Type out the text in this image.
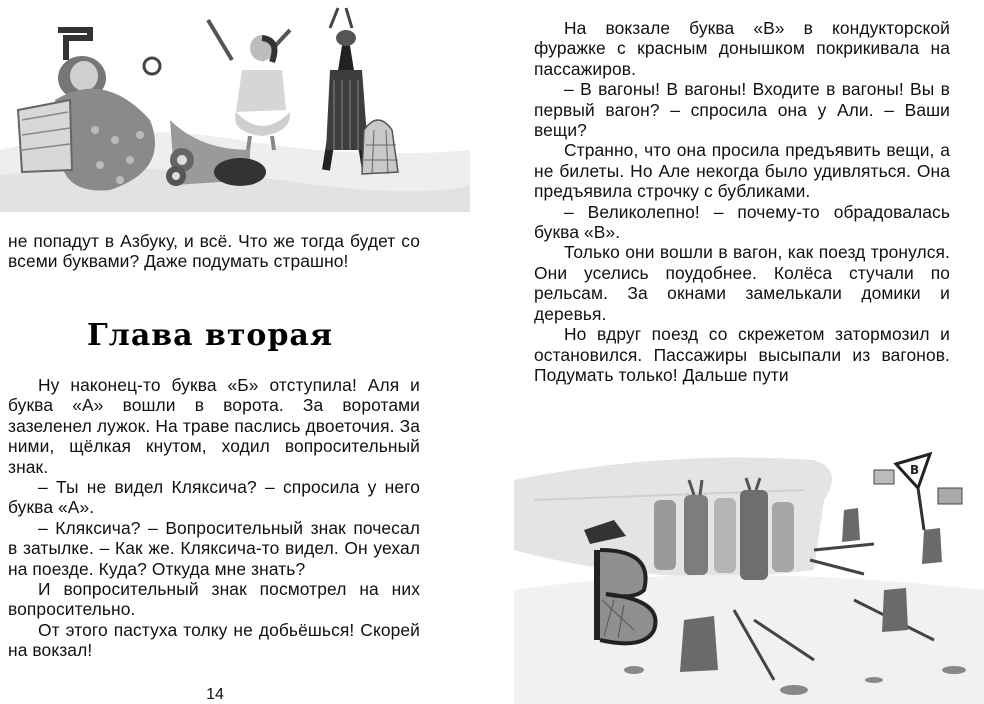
не попадут в Азбуку, и всё. Что же тогда будет со всеми буквами? Даже подумать страшно!

Глава вторая

Ну наконец-то буква «Б» отступила! Аля и буква «А» вошли в ворота. За воротами зазеленел лужок. На траве паслись двоеточия. За ними, щёлкая кнутом, ходил вопросительный знак.

– Ты не видел Кляксича? – спросила у него буква «А».

– Кляксича? – Вопросительный знак почесал в затылке. – Как же. Кляксича-то видел. Он уехал на поезде. Куда? Откуда мне знать?

И вопросительный знак посмотрел на них вопросительно.

От этого пастуха толку не добьёшься! Скорей на вокзал!

14

На вокзале буква «В» в кондукторской фуражке с красным донышком покрикивала на пассажиров.

– В вагоны! В вагоны! Входите в вагоны! Вы в первый вагон? – спросила она у Али. – Ваши вещи?

Странно, что она просила предъявить вещи, а не билеты. Но Але некогда было удивляться. Она предъявила строчку с бубликами.

– Великолепно! – почему-то обрадовалась буква «В».

Только они вошли в вагон, как поезд тронулся. Они уселись поудобнее. Колёса стучали по рельсам. За окнами замелькали домики и деревья.

Но вдруг поезд со скрежетом затормозил и остановился. Пассажиры высыпали из вагонов. Подумать только! Дальше пути

В
